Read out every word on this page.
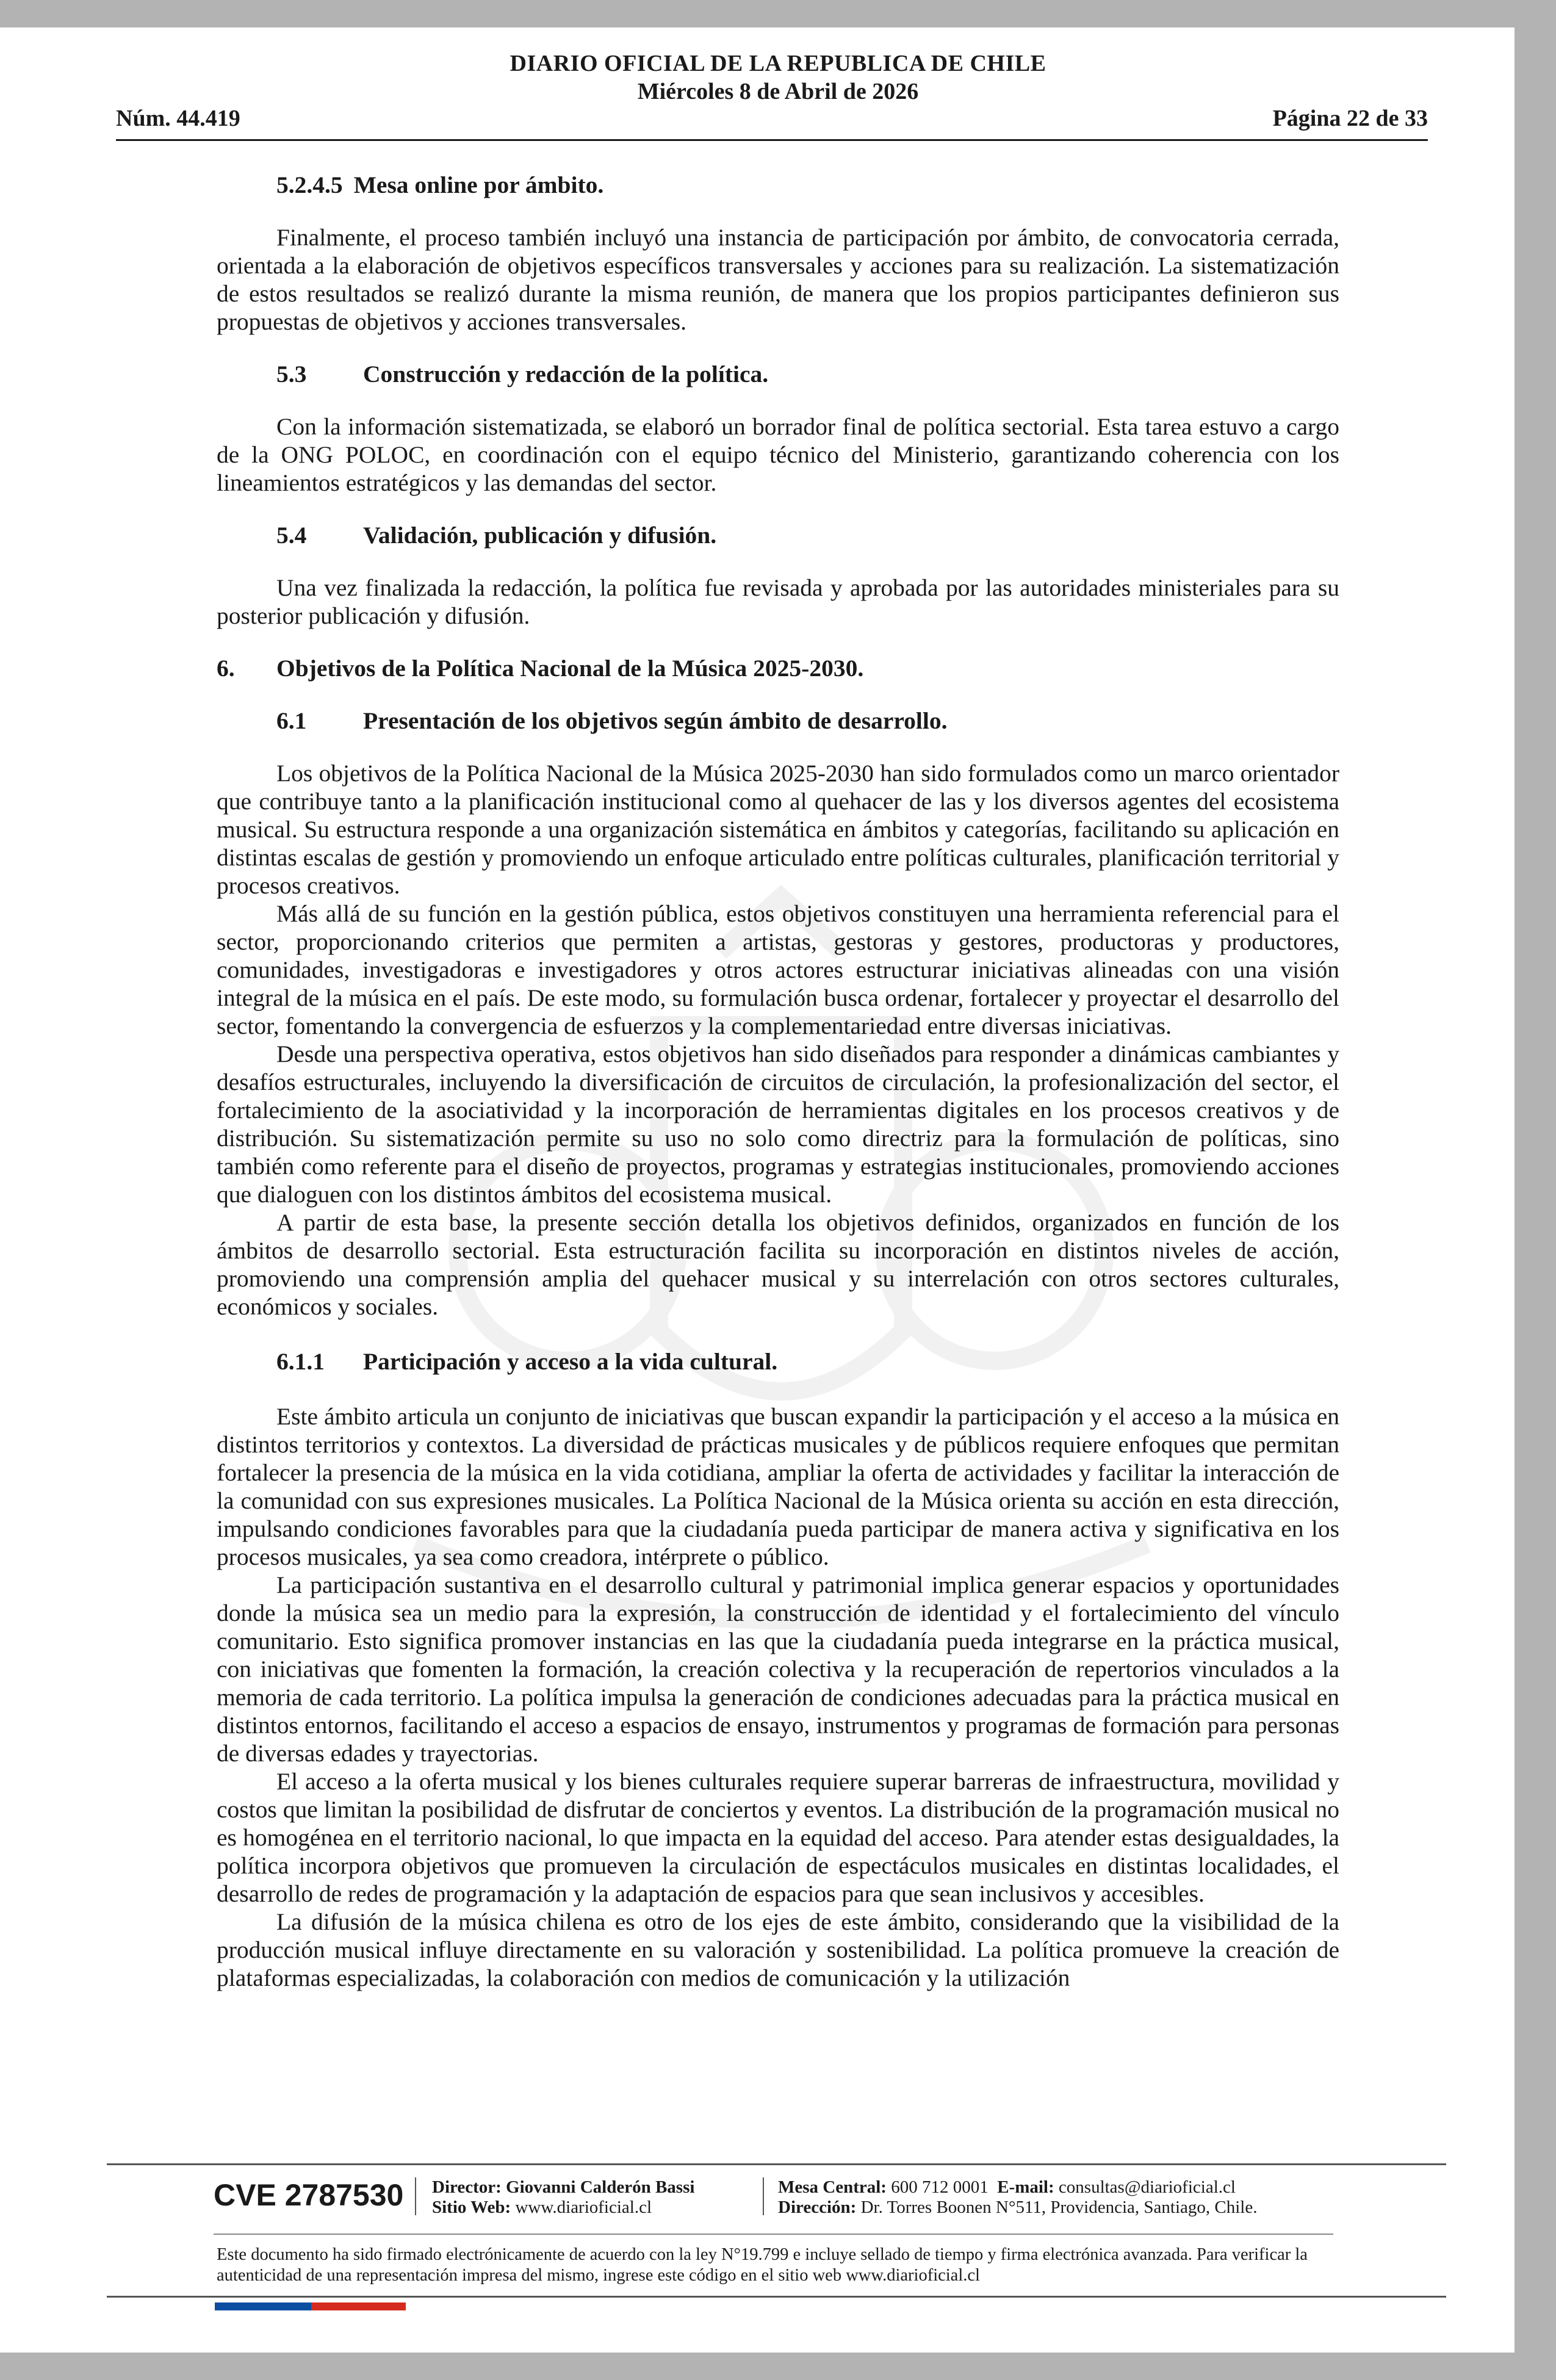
DIARIO OFICIAL DE LA REPUBLICA DE CHILE
Miércoles 8 de Abril de 2026
Núm. 44.419	Página 22 de 33
5.2.4.5 Mesa online por ámbito.

Finalmente, el proceso también incluyó una instancia de participación por ámbito, de convocatoria cerrada, orientada a la elaboración de objetivos específicos transversales y acciones para su realización. La sistematización de estos resultados se realizó durante la misma reunión, de manera que los propios participantes definieron sus propuestas de objetivos y acciones transversales.

5.3	Construcción y redacción de la política.

Con la información sistematizada, se elaboró un borrador final de política sectorial. Esta tarea estuvo a cargo de la ONG POLOC, en coordinación con el equipo técnico del Ministerio, garantizando coherencia con los lineamientos estratégicos y las demandas del sector.

5.4	Validación, publicación y difusión.

Una vez finalizada la redacción, la política fue revisada y aprobada por las autoridades ministeriales para su posterior publicación y difusión.

6.	Objetivos de la Política Nacional de la Música 2025-2030.
6.1	Presentación de los objetivos según ámbito de desarrollo.

Los objetivos de la Política Nacional de la Música 2025-2030 han sido formulados como un marco orientador que contribuye tanto a la planificación institucional como al quehacer de las y los diversos agentes del ecosistema musical. Su estructura responde a una organización sistemática en ámbitos y categorías, facilitando su aplicación en distintas escalas de gestión y promoviendo un enfoque articulado entre políticas culturales, planificación territorial y procesos creativos.

Más allá de su función en la gestión pública, estos objetivos constituyen una herramienta referencial para el sector, proporcionando criterios que permiten a artistas, gestoras y gestores, productoras y productores, comunidades, investigadoras e investigadores y otros actores estructurar iniciativas alineadas con una visión integral de la música en el país. De este modo, su formulación busca ordenar, fortalecer y proyectar el desarrollo del sector, fomentando la convergencia de esfuerzos y la complementariedad entre diversas iniciativas.

Desde una perspectiva operativa, estos objetivos han sido diseñados para responder a dinámicas cambiantes y desafíos estructurales, incluyendo la diversificación de circuitos de circulación, la profesionalización del sector, el fortalecimiento de la asociatividad y la incorporación de herramientas digitales en los procesos creativos y de distribución. Su sistematización permite su uso no solo como directriz para la formulación de políticas, sino también como referente para el diseño de proyectos, programas y estrategias institucionales, promoviendo acciones que dialoguen con los distintos ámbitos del ecosistema musical.

A partir de esta base, la presente sección detalla los objetivos definidos, organizados en función de los ámbitos de desarrollo sectorial. Esta estructuración facilita su incorporación en distintos niveles de acción, promoviendo una comprensión amplia del quehacer musical y su interrelación con otros sectores culturales, económicos y sociales.

6.1.1	Participación y acceso a la vida cultural.

Este ámbito articula un conjunto de iniciativas que buscan expandir la participación y el acceso a la música en distintos territorios y contextos. La diversidad de prácticas musicales y de públicos requiere enfoques que permitan fortalecer la presencia de la música en la vida cotidiana, ampliar la oferta de actividades y facilitar la interacción de la comunidad con sus expresiones musicales. La Política Nacional de la Música orienta su acción en esta dirección, impulsando condiciones favorables para que la ciudadanía pueda participar de manera activa y significativa en los procesos musicales, ya sea como creadora, intérprete o público.

La participación sustantiva en el desarrollo cultural y patrimonial implica generar espacios y oportunidades donde la música sea un medio para la expresión, la construcción de identidad y el fortalecimiento del vínculo comunitario. Esto significa promover instancias en las que la ciudadanía pueda integrarse en la práctica musical, con iniciativas que fomenten la formación, la creación colectiva y la recuperación de repertorios vinculados a la memoria de cada territorio. La política impulsa la generación de condiciones adecuadas para la práctica musical en distintos entornos, facilitando el acceso a espacios de ensayo, instrumentos y programas de formación para personas de diversas edades y trayectorias.

El acceso a la oferta musical y los bienes culturales requiere superar barreras de infraestructura, movilidad y costos que limitan la posibilidad de disfrutar de conciertos y eventos. La distribución de la programación musical no es homogénea en el territorio nacional, lo que impacta en la equidad del acceso. Para atender estas desigualdades, la política incorpora objetivos que promueven la circulación de espectáculos musicales en distintas localidades, el desarrollo de redes de programación y la adaptación de espacios para que sean inclusivos y accesibles.

La difusión de la música chilena es otro de los ejes de este ámbito, considerando que la visibilidad de la producción musical influye directamente en su valoración y sostenibilidad. La política promueve la creación de plataformas especializadas, la colaboración con medios de comunicación y la utilización

CVE 2787530 Director: Giovanni Calderón Bassi
Sitio Web: www.diarioficial.cl
Mesa Central: 600 712 0001 E-mail: consultas@diarioficial.cl
Dirección: Dr. Torres Boonen N°511, Providencia, Santiago, Chile.
Este documento ha sido firmado electrónicamente de acuerdo con la ley N°19.799 e incluye sellado de tiempo y firma electrónica avanzada. Para verificar la autenticidad de una representación impresa del mismo, ingrese este código en el sitio web www.diarioficial.cl
